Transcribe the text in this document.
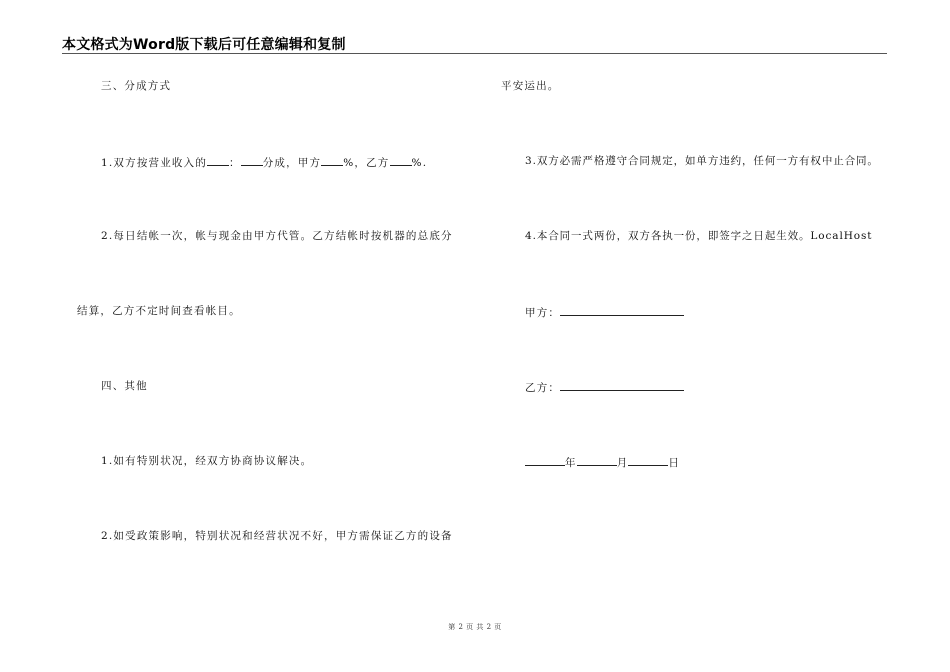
本文格式为Word版下载后可任意编辑和复制
三、分成方式
1.双方按营业收入的 ： 分成，甲方 %，乙方 %.
2.每日结帐一次，帐与现金由甲方代管。乙方结帐时按机器的总底分
结算，乙方不定时间查看帐目。
四、其他
1.如有特别状况，经双方协商协议解决。
2.如受政策影响，特别状况和经营状况不好，甲方需保证乙方的设备
平安运出。
3.双方必需严格遵守合同规定，如单方违约，任何一方有权中止合同。
4.本合同一式两份，双方各执一份，即签字之日起生效。LocalHost
甲方：
乙方：
年	月	日
第 2 页 共 2 页
